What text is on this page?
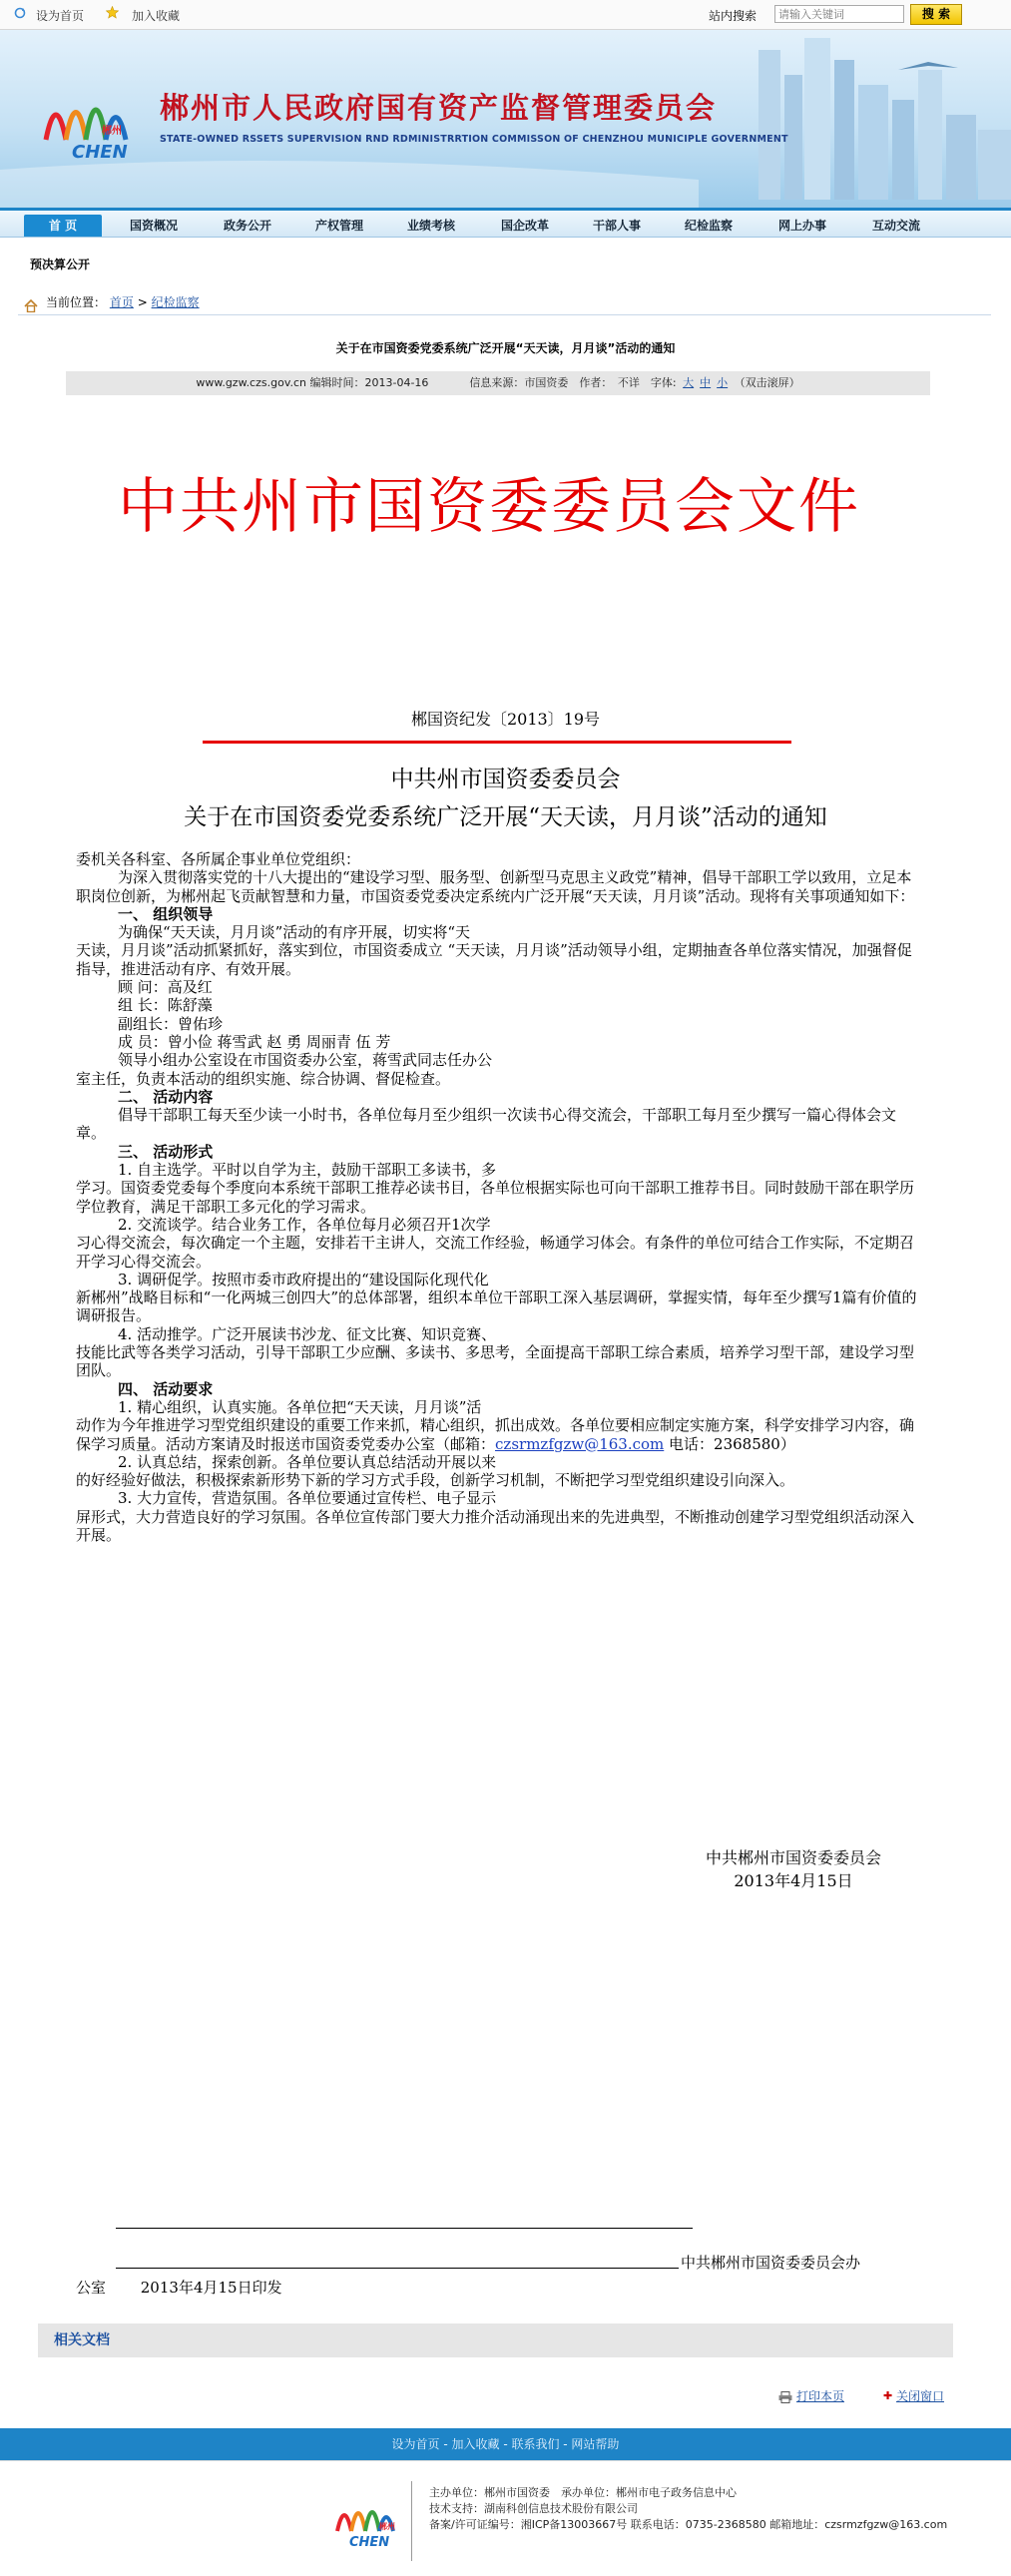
设为首页	加入收藏	站内搜索
请输入关键词	搜 索
郴州
CHEN
郴州市人民政府国有资产监督管理委员会
STATE-OWNED RSSETS SUPERVISION RND RDMINISTRRTION COMMISSON OF CHENZHOU MUNICIPLE GOVERNMENT
首 页	国资概况	政务公开	产权管理	业绩考核	国企改革	干部人事	纪检监察	网上办事	互动交流
预决算公开
当前位置： 首页 > 纪检监察
关于在市国资委党委系统广泛开展“天天读，月月谈”活动的通知
www.gzw.czs.gov.cn 编辑时间：2013-04-16	信息来源：市国资委　作者：　不详　字体: 大 中 小 （双击滚屏）
中共州市国资委委员会文件
郴国资纪发〔2013〕19号
中共州市国资委委员会
关于在市国资委党委系统广泛开展“天天读，月月谈”活动的通知

委机关各科室、各所属企事业单位党组织：

为深入贯彻落实党的十八大提出的“建设学习型、服务型、创新型马克思主义政党”精神，倡导干部职工学以致用，立足本职岗位创新，为郴州起飞贡献智慧和力量，市国资委党委决定系统内广泛开展“天天读，月月谈”活动。现将有关事项通知如下：

一、 组织领导

为确保“天天读，月月谈”活动的有序开展，切实将“天

天读，月月谈”活动抓紧抓好，落实到位，市国资委成立 “天天读，月月谈”活动领导小组，定期抽查各单位落实情况，加强督促指导，推进活动有序、有效开展。

顾 问：高及红

组 长：陈舒藻

副组长：曾佑珍

成 员：曾小俭 蒋雪武 赵 勇 周丽青 伍 芳

领导小组办公室设在市国资委办公室，蒋雪武同志任办公

室主任，负责本活动的组织实施、综合协调、督促检查。

二、 活动内容

倡导干部职工每天至少读一小时书，各单位每月至少组织一次读书心得交流会，干部职工每月至少撰写一篇心得体会文章。

三、 活动形式

1. 自主选学。平时以自学为主，鼓励干部职工多读书，多

学习。国资委党委每个季度向本系统干部职工推荐必读书目，各单位根据实际也可向干部职工推荐书目。同时鼓励干部在职学历学位教育，满足干部职工多元化的学习需求。

2. 交流谈学。结合业务工作，各单位每月必须召开1次学

习心得交流会，每次确定一个主题，安排若干主讲人，交流工作经验，畅通学习体会。有条件的单位可结合工作实际，不定期召开学习心得交流会。

3. 调研促学。按照市委市政府提出的“建设国际化现代化

新郴州”战略目标和“一化两城三创四大”的总体部署，组织本单位干部职工深入基层调研，掌握实情，每年至少撰写1篇有价值的调研报告。

4. 活动推学。广泛开展读书沙龙、征文比赛、知识竞赛、

技能比武等各类学习活动，引导干部职工少应酬、多读书、多思考，全面提高干部职工综合素质，培养学习型干部，建设学习型团队。

四、 活动要求

1. 精心组织，认真实施。各单位把“天天读，月月谈”活

动作为今年推进学习型党组织建设的重要工作来抓，精心组织，抓出成效。各单位要相应制定实施方案，科学安排学习内容，确保学习质量。活动方案请及时报送市国资委党委办公室（邮箱：czsrmzfgzw@163.com 电话：2368580）

2. 认真总结，探索创新。各单位要认真总结活动开展以来

的好经验好做法，积极探索新形势下新的学习方式手段，创新学习机制，不断把学习型党组织建设引向深入。

3. 大力宣传，营造氛围。各单位要通过宣传栏、电子显示

屏形式，大力营造良好的学习氛围。各单位宣传部门要大力推介活动涌现出来的先进典型，不断推动创建学习型党组织活动深入开展。

中共郴州市国资委委员会
2013年4月15日
中共郴州市国资委委员会办
公室　　 2013年4月15日印发
相关文档
打印本页	✚ 关闭窗口
设为首页 - 加入收藏 - 联系我们 - 网站帮助
郴州
CHEN
主办单位：郴州市国资委　承办单位：郴州市电子政务信息中心
技术支持：湖南科创信息技术股份有限公司
备案/许可证编号：湘ICP备13003667号 联系电话：0735-2368580 邮箱地址：czsrmzfgzw@163.com
